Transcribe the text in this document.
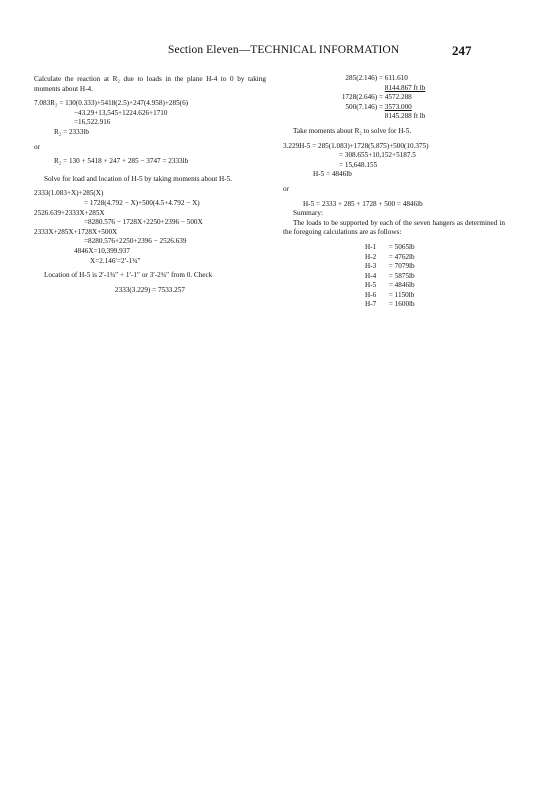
Section Eleven—TECHNICAL INFORMATION	247
Calculate the reaction at R₂ due to loads in the plane H-4 to 0 by taking moments about H-4.
7.083R₂ = 130(0.333)+5418(2.5)+247(4.958)+285(6)
−43.29+13,545+1224.626+1710
=16,522.916
R₂ = 2333lb
or
R₂ = 130 + 5418 + 247 + 285 − 3747 = 2333lb
Solve for load and location of H-5 by taking moments about H-5.
2333(1.083+X)+285(X)
= 1728(4.792 − X)+500(4.5+4.792 − X)
2526.639+2333X+285X
=8280.576 − 1728X+2250+2396 − 500X
2333X+285X+1728X+500X
=8280.576+2250+2396 − 2526.639
4846X=10,399.937
X=2.146′=2′-1¾″
Location of H-5 is 2′-1¾″ + 1′-1″ or 3′-2¾″ from 0. Check
2333(3.229) = 7533.257
285(2.146) = 611.610
8144.867 ft lb
1728(2.646) = 4572.288
500(7.146) = 3573.000
8145.288 ft lb
Take moments about R₂ to solve for H-5.
3.229H-5 = 285(1.083)+1728(5.875)+500(10.375)
= 308.655+10,152+5187.5
= 15,648.155
H-5 = 4846lb
or
H-5 = 2333 + 285 + 1728 + 500 = 4846lb
Summary:
The loads to be supported by each of the seven hangers as determined in the foregoing calculations are as follows:
H-1 = 5065lb
H-2 = 4762lb
H-3 = 7079lb
H-4 = 5875lb
H-5 = 4846lb
H-6 = 1150lb
H-7 = 1600lb
